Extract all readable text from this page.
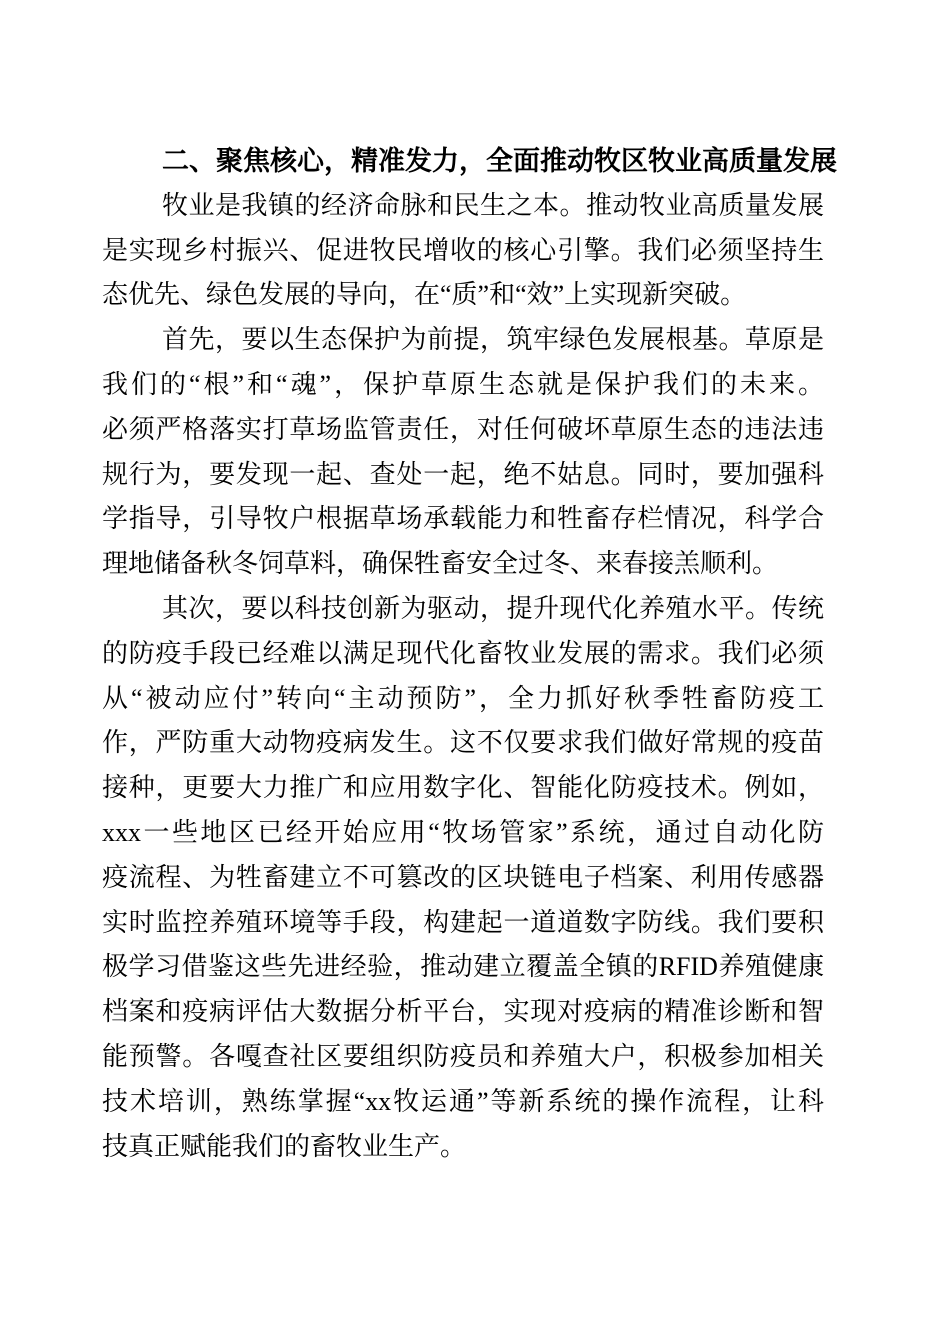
二、聚焦核心，精准发力，全面推动牧区牧业高质量发展
牧业是我镇的经济命脉和民生之本。推动牧业高质量发展
是实现乡村振兴、促进牧民增收的核心引擎。我们必须坚持生
态优先、绿色发展的导向，在“质”和“效”上实现新突破。
首先，要以生态保护为前提，筑牢绿色发展根基。草原是
我们的“根”和“魂”，保护草原生态就是保护我们的未来。
必须严格落实打草场监管责任，对任何破坏草原生态的违法违
规行为，要发现一起、查处一起，绝不姑息。同时，要加强科
学指导，引导牧户根据草场承载能力和牲畜存栏情况，科学合
理地储备秋冬饲草料，确保牲畜安全过冬、来春接羔顺利。
其次，要以科技创新为驱动，提升现代化养殖水平。传统
的防疫手段已经难以满足现代化畜牧业发展的需求。我们必须
从“被动应付”转向“主动预防”，全力抓好秋季牲畜防疫工
作，严防重大动物疫病发生。这不仅要求我们做好常规的疫苗
接种，更要大力推广和应用数字化、智能化防疫技术。例如，
xxx一些地区已经开始应用“牧场管家”系统，通过自动化防
疫流程、为牲畜建立不可篡改的区块链电子档案、利用传感器
实时监控养殖环境等手段，构建起一道道数字防线。我们要积
极学习借鉴这些先进经验，推动建立覆盖全镇的RFID养殖健康
档案和疫病评估大数据分析平台，实现对疫病的精准诊断和智
能预警。各嘎查社区要组织防疫员和养殖大户，积极参加相关
技术培训，熟练掌握“xx牧运通”等新系统的操作流程，让科
技真正赋能我们的畜牧业生产。
